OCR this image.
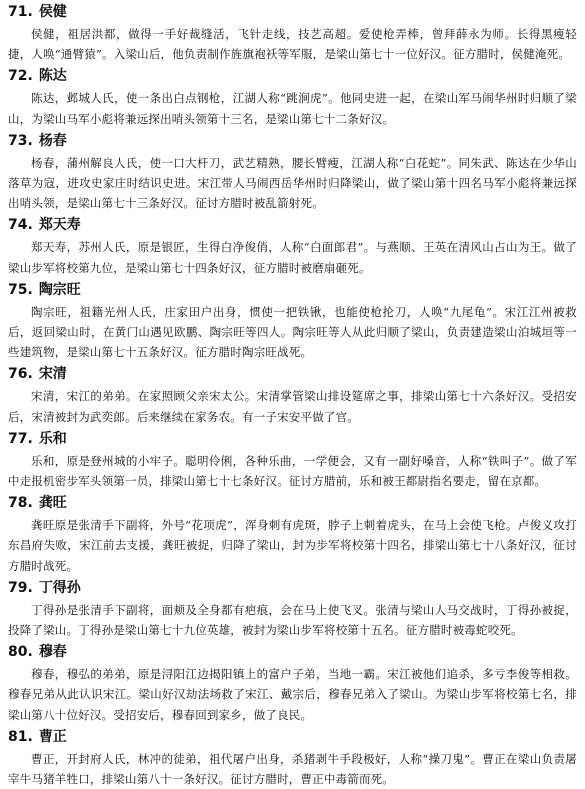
71. 侯健

侯健，祖居洪都，做得一手好裁缝活，飞针走线，技艺高超。爱使枪弄棒，曾拜薛永为师。长得黑瘦轻捷，人唤“通臂猿”。入梁山后，他负责制作旌旗袍袄等军服，是梁山第七十一位好汉。征方腊时，侯健淹死。

72. 陈达

陈达，邺城人氏，使一条出白点钢枪，江湖人称“跳涧虎”。他同史进一起，在梁山军马闹华州时归顺了梁山，为梁山马军小彪将兼远探出哨头领第十三名，是梁山第七十二条好汉。

73. 杨春

杨春，蒲州解良人氏，使一口大杆刀，武艺精熟，腰长臂瘦，江湖人称“白花蛇”。同朱武、陈达在少华山落草为寇，进攻史家庄时结识史进。宋江带人马闹西岳华州时归降梁山，做了梁山第十四名马军小彪将兼远探出哨头领，是梁山第七十三条好汉。征讨方腊时被乱箭射死。

74. 郑天寿

郑天寿，苏州人氏，原是银匠，生得白净俊俏，人称“白面郎君”。与燕顺、王英在清风山占山为王。做了梁山步军将校第九位，是梁山第七十四条好汉，征方腊时被磨扇砸死。

75. 陶宗旺

陶宗旺，祖籍光州人氏，庄家田户出身，惯使一把铁锹，也能使枪抡刀，人唤“九尾龟”。宋江江州被救后，返回梁山时，在黄门山遇见欧鹏、陶宗旺等四人。陶宗旺等人从此归顺了梁山，负责建造梁山泊城垣等一些建筑物，是梁山第七十五条好汉。征方腊时陶宗旺战死。

76. 宋清

宋清，宋江的弟弟。在家照顾父亲宋太公。宋清掌管梁山排设筵席之事，排梁山第七十六条好汉。受招安后，宋清被封为武奕郎。后来继续在家务农。有一子宋安平做了官。

77. 乐和

乐和，原是登州城的小牢子。聪明伶俐，各种乐曲，一学便会，又有一副好嗓音，人称“铁叫子”。做了军中走报机密步军头领第一员，排梁山第七十七条好汉。征讨方腊前，乐和被王都尉指名要走，留在京都。

78. 龚旺

龚旺原是张清手下副将，外号“花项虎”，浑身刺有虎斑，脖子上刺着虎头，在马上会使飞枪。卢俊义攻打东昌府失败，宋江前去支援，龚旺被捉，归降了梁山，封为步军将校第十四名，排梁山第七十八条好汉，征讨方腊时战死。

79. 丁得孙

丁得孙是张清手下副将，面颊及全身都有疤痕，会在马上使飞叉。张清与梁山人马交战时，丁得孙被捉，投降了梁山。丁得孙是梁山第七十九位英雄，被封为梁山步军将校第十五名。征方腊时被毒蛇咬死。

80. 穆春

穆春，穆弘的弟弟，原是浔阳江边揭阳镇上的富户子弟，当地一霸。宋江被他们追杀，多亏李俊等相救。穆春兄弟从此认识宋江。梁山好汉劫法场救了宋江、戴宗后，穆春兄弟入了梁山。为梁山步军将校第七名，排梁山第八十位好汉。受招安后，穆春回到家乡，做了良民。

81. 曹正

曹正，开封府人氏，林冲的徒弟，祖代屠户出身，杀猪剥牛手段极好，人称“操刀鬼”。曹正在梁山负责屠宰牛马猪羊牲口，排梁山第八十一条好汉。征讨方腊时，曹正中毒箭而死。
